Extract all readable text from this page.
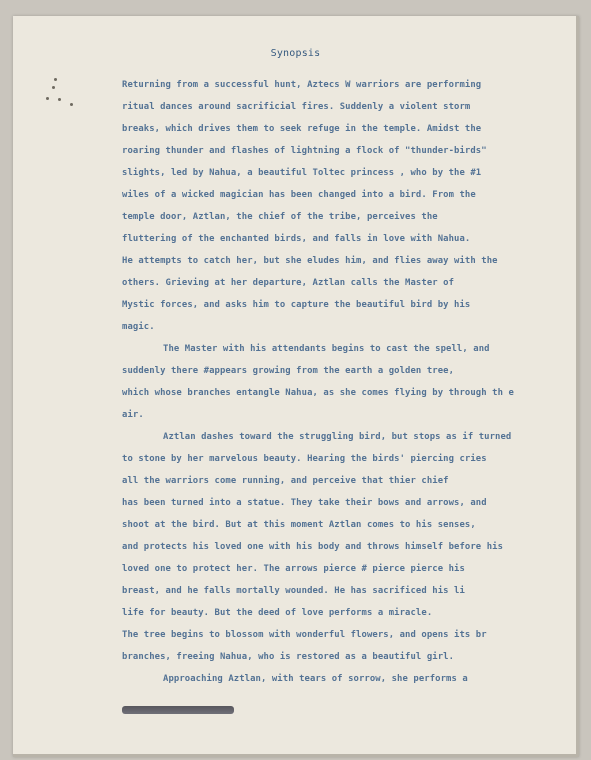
Synopsis
Returning from a successful hunt, Aztecs W warriors are performing
ritual dances around sacrificial fires. Suddenly a violent storm
breaks, which drives them to seek refuge in the temple. Amidst the
roaring thunder and flashes of lightning a flock of "thunder-birds"
slights, led by Nahua, a beautiful Toltec princess , who by the #1
wiles of a wicked magician has been changed into a bird. From the
temple door, Aztlan, the chief of the tribe, perceives the
fluttering of the enchanted birds, and falls in love with Nahua.
He attempts to catch her, but she eludes him, and flies away with the
others. Grieving at her departure, Aztlan calls the Master of
Mystic forces, and asks him to capture the beautiful bird by his
magic.
The Master with his attendants begins to cast the spell, and
suddenly there #appears growing from the earth a golden tree,
which whose branches entangle Nahua, as she comes flying by through th e
air.
Aztlan dashes toward the struggling bird, but stops as if turned
to stone by her marvelous beauty. Hearing the birds' piercing cries
all the warriors come running, and perceive that thier chief
has been turned into a statue. They take their bows and arrows, and
shoot at the bird. But at this moment Aztlan comes to his senses,
and protects his loved one with his body and throws himself before his
loved one to protect her. The arrows pierce # pierce pierce his
breast, and he falls mortally wounded. He has sacrificed his li
life for beauty. But the deed of love performs a miracle.
The tree begins to blossom with wonderful flowers, and opens its br
branches, freeing Nahua, who is restored as a beautiful girl.
Approaching Aztlan, with tears of sorrow, she performs a
